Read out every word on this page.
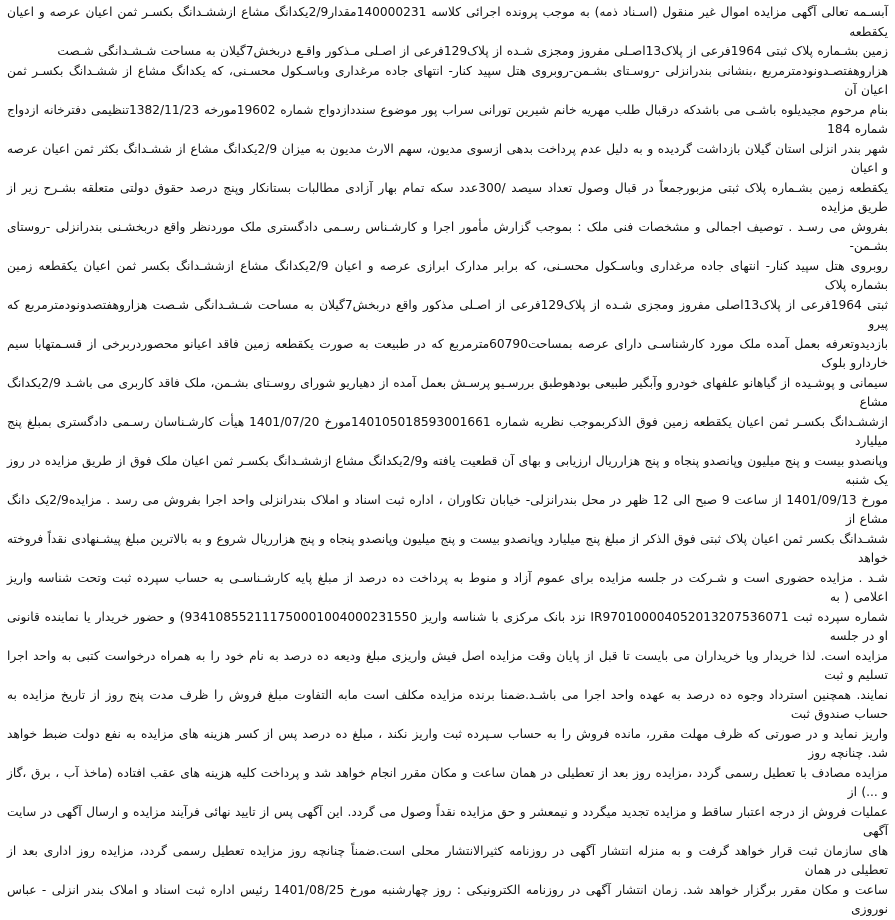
آبسـمه تعالی آگهی مزایده اموال غیر منقول (اسـناد ذمه) به موجب پرونده اجرائی کلاسه 140000231مقدار2/9یکدانگ مشاع ازششـدانگ بکسـر ثمن اعیان عرصه و اعیان یکقطعه
زمین بشـماره پلاک ثبتی 1964فرعی از پلاک13اصـلی مفروز ومجزی شـده از پلاک129فرعی از اصـلی مـذکور واقـع دربخش7گیلان به مساحت شـشـدانگی شـصت
هزاروهفتصـدونودمترمربع ،بنشانی بندرانزلی -روسـتای بشـمن-روبروی هتل سپید کنار- انتهای جاده مرغداری وباسـکول محسـنی، که یکدانگ مشاع از ششـدانگ بکسـر ثمن اعیان آن
بنام مرحوم مجیدیلوه باشـی می باشدکه درقبال طلب مهریه خانم شیرین تورانی سراب پور موضوع سنددازدواج شماره 19602مورخه 1382/11/23تنظیمی دفترخانه ازدواج شماره 184
شهر بندر انزلی استان گیلان بازداشت گردیده و به دلیل عدم پرداخت بدهی ازسوی مدیون، سهم الارث مدیون به میزان 2/9یکدانگ مشاع از ششـدانگ بکثر ثمن اعیان عرصه و اعیان
یکقطعه زمین بشـماره پلاک ثبتی مزبورجمعاً در قبال وصول تعداد سیصد /300عدد سکه تمام بهار آزادی مطالبات بستانکار وپنج درصد حقوق دولتی متعلقه بشـرح زیر از طریق مزایده
بفروش می رسـد . توصیف اجمالی و مشخصات فنی ملک : بموجب گزارش مأمور اجرا و کارشـناس رسـمی دادگستری ملک موردنظر واقع دربخشـنی بندرانزلی -روستای بشـمن-
روبروی هتل سپید کنار- انتهای جاده مرغداری وباسـکول محسـنی، که برابر مدارک ابرازی عرصه و اعیان 2/9یکدانگ مشاع ازششـدانگ بکسر ثمن اعیان یکقطعه زمین بشماره پلاک
ثبتی 1964فرعی از پلاک13اصلی مفروز ومجزی شـده از پلاک129فرعی از اصـلی مذکور واقع دربخش7گیلان به مساحت شـشـدانگی شـصت هزاروهفتصدونودمترمربع که پیرو
بازدیدوتعرفه بعمل آمده ملک مورد کارشناسـی دارای عرصه بمساحت60790مترمربع که در طبیعت به صورت یکقطعه زمین فاقد اعیانو محصوردربرخی از قسـمتهابا سیم خاردارو بلوک
سیمانی و پوشـیده از گیاهانو علفهای خودرو وآبگیر طبیعی بودهوطبق بررسـیو پرسـش بعمل آمده از دهیاریو شورای روسـتای بشـمن، ملک فاقد کاربری می باشـد 2/9یکدانگ مشاع
ازششـدانگ بکسـر ثمن اعیان یکقطعه زمین فوق الذکربموجب نظریه شماره 140105018593001661مورخ 1401/07/20 هیأت کارشـناسان رسـمی دادگستری بمبلغ پنج میلیارد
وپانصدو بیست و پنج میلیون وپانصدو پنجاه و پنج هزارریال ارزیابی و بهای آن قطعیت یافته و2/9یکدانگ مشاع ازششـدانگ بکسـر ثمن اعیان ملک فوق از طریق مزایده در روز یک شنبه
مورخ 1401/09/13 از ساعت 9 صبح الی 12 ظهر در محل بندرانزلی- خیابان تکاوران ، اداره ثبت اسناد و املاک بندرانزلی واحد اجرا بفروش می رسد . مزایده2/9یک دانگ مشاع از
ششـدانگ بکسر ثمن اعیان پلاک ثبتی فوق الذکر از مبلغ پنج میلیارد وپانصدو بیست و پنج میلیون وپانصدو پنجاه و پنج هزارریال شروع و به بالاترین مبلغ پیشـنهادی نقداً فروخته خواهد
شـد . مزایده حضوری است و شـرکت در جلسه مزایده برای عموم آزاد و منوط به پرداخت ده درصد از مبلغ پایه کارشـناسـی به حساب سپرده ثبت وتحت شناسه واریز اعلامی ( به
شماره سپرده ثبت IR970100004052013207536071 نزد بانک مرکزی با شناسه واریز 934108552111750001004000231550) و حضور خریدار یا نماینده قانونی او در جلسه
مزایده است. لذا خریدار ویا خریداران می بایست تا قبل از پایان وقت مزایده اصل فیش واریزی مبلغ ودیعه ده درصد به نام خود را به همراه درخواست کتبی به واحد اجرا تسلیم و ثبت
نمایند. همچنین استرداد وجوه ده درصد به عهده واحد اجرا می باشـد.ضمنا برنده مزایده مکلف است مابه التفاوت مبلغ فروش را ظرف مدت پنج روز از تاریخ مزایده به حساب صندوق ثبت
واریز نماید و در صورتی که ظرف مهلت مقرر، مانده فروش را به حساب سـپرده ثبت واریز نکند ، مبلغ ده درصد پس از کسر هزینه های مزایده به نفع دولت ضبط خواهد شد. چنانچه روز
مزایده مصادف با تعطیل رسمی گردد ،مزایده روز بعد از تعطیلی در همان ساعت و مکان مقرر انجام خواهد شد و پرداخت کلیه هزینه های عقب افتاده (ماخذ آب ، برق ،گاز و ...) از
عملیات فروش از درجه اعتبار ساقط و مزایده تجدید میگردد و نیمعشر و حق مزایده نقداً وصول می گردد. این آگهی پس از تایید نهائی فرآیند مزایده و ارسال آگهی در سایت آگهی
های سازمان ثبت قرار خواهد گرفت و به منزله انتشار آگهی در روزنامه کثیرالانتشار محلی است.ضمناً چنانچه روز مزایده تعطیل رسمی گردد، مزایده روز اداری بعد از تعطیلی در همان
ساعت و مکان مقرر برگزار خواهد شد. زمان انتشار آگهی در روزنامه الکترونیکی : روز چهارشنبه مورخ 1401/08/25 رئیس اداره ثبت اسناد و املاک بندر انزلی - عباس نوروزی
